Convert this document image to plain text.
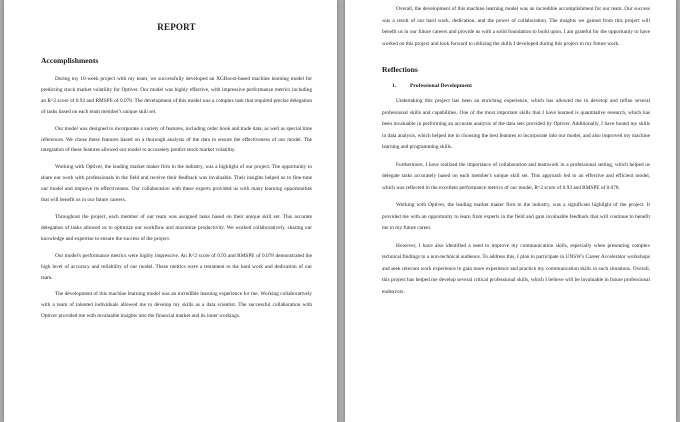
REPORT
Accomplishments

During my 10-week project with my team, we successfully developed an XGBoost-based machine learning model for predicting stock market volatility for Optiver. Our model was highly effective, with impressive performance metrics including an R^2 score of 0.93 and RMSPE of 0.078. The development of this model was a complex task that required precise delegation of tasks based on each team member's unique skill set.

Our model was designed to incorporate a variety of features, including order book and trade data, as well as special time references. We chose these features based on a thorough analysis of the data to ensure the effectiveness of our model. The integration of these features allowed our model to accurately predict stock market volatility.

Working with Optiver, the leading market maker firm in the industry, was a highlight of our project. The opportunity to share our work with professionals in the field and receive their feedback was invaluable. Their insights helped us to fine-tune our model and improve its effectiveness. Our collaboration with these experts provided us with many learning opportunities that will benefit us in our future careers.

Throughout the project, each member of our team was assigned tasks based on their unique skill set. This accurate delegation of tasks allowed us to optimize our workflow and maximize productivity. We worked collaboratively, sharing our knowledge and expertise to ensure the success of the project.

Our model's performance metrics were highly impressive. An R^2 score of 0.93 and RMSPE of 0.078 demonstrated the high level of accuracy and reliability of our model. These metrics were a testament to the hard work and dedication of our team.

The development of this machine learning model was an incredible learning experience for me. Working collaboratively with a team of talented individuals allowed me to develop my skills as a data scientist. The successful collaboration with Optiver provided me with invaluable insights into the financial market and its inner workings.

Overall, the development of this machine learning model was an incredible accomplishment for our team. Our success was a result of our hard work, dedication, and the power of collaboration. The insights we gained from this project will benefit us in our future careers and provide us with a solid foundation to build upon. I am grateful for the opportunity to have worked on this project and look forward to utilizing the skills I developed during this project in my future work.

Reflections
1. Professional Development

Undertaking this project has been an enriching experience, which has allowed me to develop and refine several professional skills and capabilities. One of the most important skills that I have learned is quantitative research, which has been invaluable in performing an accurate analysis of the data sets provided by Optiver. Additionally, I have honed my skills in data analysis, which helped me in choosing the best features to incorporate into our model, and also improved my machine learning and programming skills.

Furthermore, I have realized the importance of collaboration and teamwork in a professional setting, which helped us delegate tasks accurately based on each member's unique skill set. This approach led to an effective and efficient model, which was reflected in the excellent performance metrics of our model, R^2 score of 0.93 and RMSPE of 0.078.

Working with Optiver, the leading market maker firm in the industry, was a significant highlight of the project. It provided me with an opportunity to learn from experts in the field and gain invaluable feedback that will continue to benefit me in my future career.

However, I have also identified a need to improve my communication skills, especially when presenting complex technical findings to a non-technical audience. To address this, I plan to participate in UNSW's Career Accelerator workshops and seek relevant work experience to gain more experience and practice my communication skills in such situations. Overall, this project has helped me develop several critical professional skills, which I believe will be invaluable in future professional endeavors.
